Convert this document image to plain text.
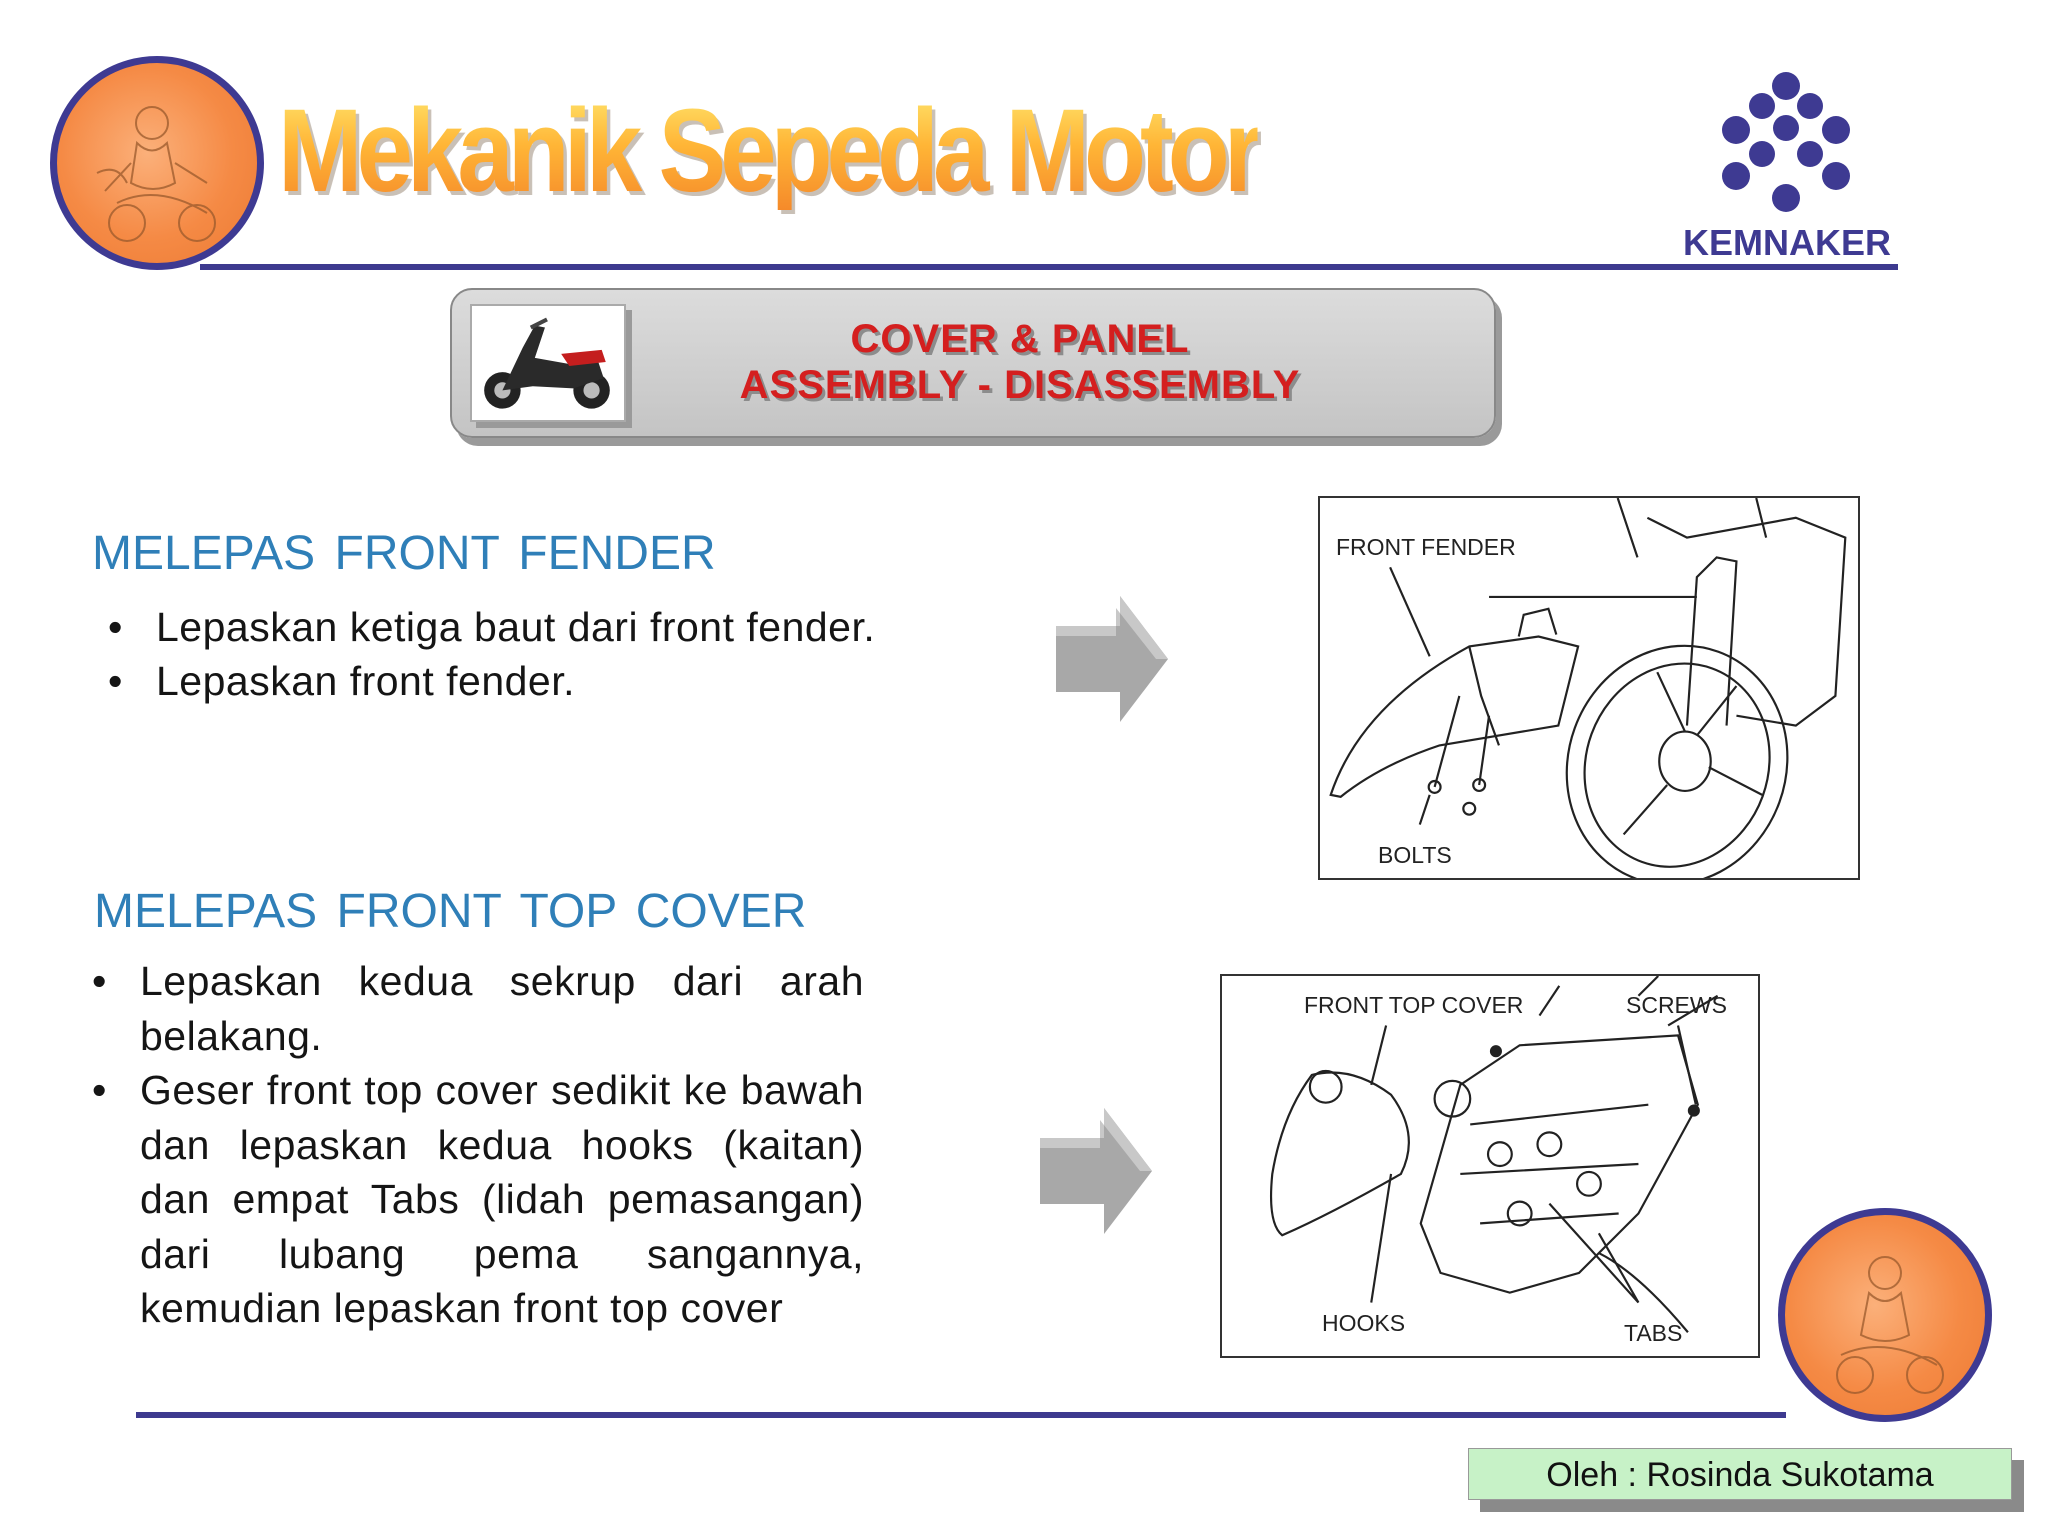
Mekanik Sepeda Motor
KEMNAKER
COVER & PANEL
ASSEMBLY - DISASSEMBLY
MELEPAS FRONT FENDER
• Lepaskan ketiga baut dari front fender.
• Lepaskan front fender.
FRONT FENDER
BOLTS
MELEPAS FRONT TOP COVER
• Lepaskan kedua sekrup dari arah belakang.
• Geser front top cover sedikit ke bawah dan lepaskan kedua hooks (kaitan) dan empat Tabs (lidah pemasangan) dari lubang pema sangannya, kemudian lepaskan front top cover
FRONT TOP COVER	SCREWS
HOOKS	TABS
Oleh : Rosinda Sukotama
